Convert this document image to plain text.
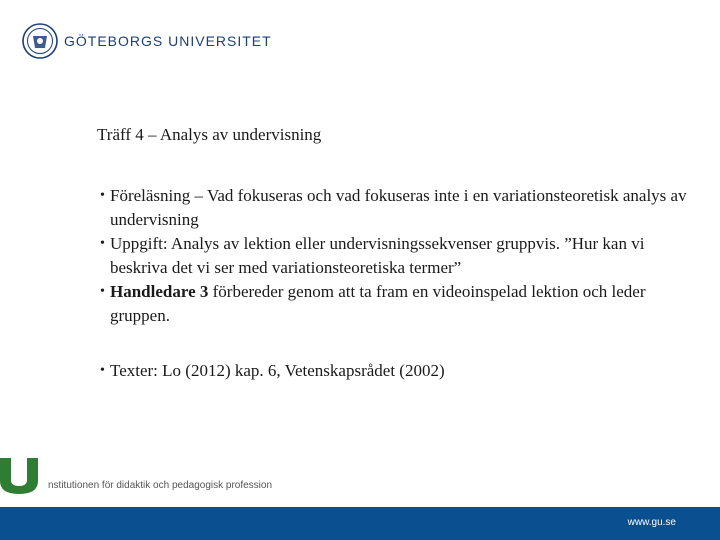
GÖTEBORGS UNIVERSITET
Träff 4 – Analys av undervisning
• Föreläsning – Vad fokuseras och vad fokuseras inte i en variationsteoretisk analys av undervisning
• Uppgift: Analys av lektion eller undervisningssekvenser gruppvis. ”Hur kan vi beskriva det vi ser med variationsteoretiska termer”
• Handledare 3 förbereder genom att ta fram en videoinspelad lektion och leder gruppen.
• Texter: Lo (2012) kap. 6, Vetenskapsrådet (2002)
nstitutionen för didaktik och pedagogisk profession
www.gu.se
